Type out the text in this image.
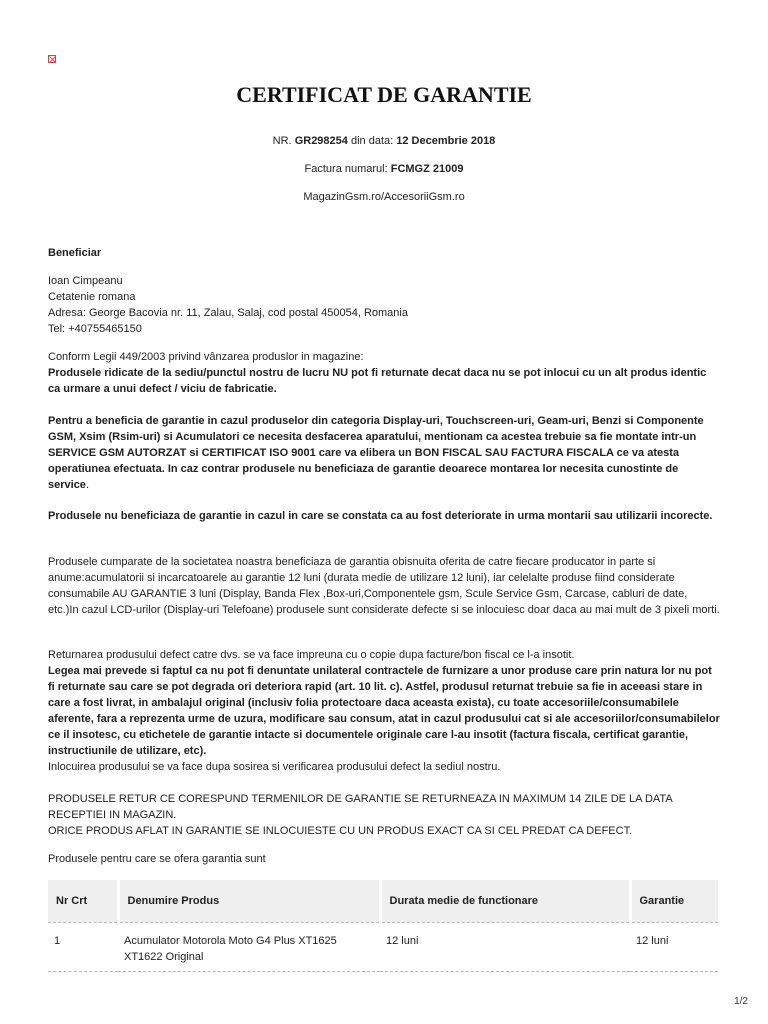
CERTIFICAT DE GARANTIE
NR. GR298254 din data: 12 Decembrie 2018
Factura numarul: FCMGZ 21009
MagazinGsm.ro/AccesoriiGsm.ro

Beneficiar

Ioan Cimpeanu

Cetatenie romana

Adresa: George Bacovia nr. 11, Zalau, Salaj, cod postal 450054, Romania

Tel: +40755465150

Conform Legii 449/2003 privind vânzarea produslor in magazine:

Produsele ridicate de la sediu/punctul nostru de lucru NU pot fi returnate decat daca nu se pot inlocui cu un alt produs identic ca urmare a unui defect / viciu de fabricatie.

Pentru a beneficia de garantie in cazul produselor din categoria Display-uri, Touchscreen-uri, Geam-uri, Benzi si Componente GSM, Xsim (Rsim-uri) si Acumulatori ce necesita desfacerea aparatului, mentionam ca acestea trebuie sa fie montate intr-un SERVICE GSM AUTORZAT si CERTIFICAT ISO 9001 care va elibera un BON FISCAL SAU FACTURA FISCALA ce va atesta operatiunea efectuata. In caz contrar produsele nu beneficiaza de garantie deoarece montarea lor necesita cunostinte de service.

Produsele nu beneficiaza de garantie in cazul in care se constata ca au fost deteriorate in urma montarii sau utilizarii incorecte.

Produsele cumparate de la societatea noastra beneficiaza de garantia obisnuita oferita de catre fiecare producator in parte si anume:acumulatorii si incarcatoarele au garantie 12 luni (durata medie de utilizare 12 luni), iar celelalte produse fiind considerate consumabile AU GARANTIE 3 luni (Display, Banda Flex ,Box-uri,Componentele gsm, Scule Service Gsm, Carcase, cabluri de date, etc.)In cazul LCD-urilor (Display-uri Telefoane) produsele sunt considerate defecte si se inlocuiesc doar daca au mai mult de 3 pixeli morti.

Returnarea produsului defect catre dvs. se va face impreuna cu o copie dupa facture/bon fiscal ce l-a insotit.

Legea mai prevede si faptul ca nu pot fi denuntate unilateral contractele de furnizare a unor produse care prin natura lor nu pot fi returnate sau care se pot degrada ori deteriora rapid (art. 10 lit. c). Astfel, produsul returnat trebuie sa fie in aceeasi stare in care a fost livrat, in ambalajul original (inclusiv folia protectoare daca aceasta exista), cu toate accesoriile/consumabilele aferente, fara a reprezenta urme de uzura, modificare sau consum, atat in cazul produsului cat si ale accesoriilor/consumabilelor ce il insotesc, cu etichetele de garantie intacte si documentele originale care l-au insotit (factura fiscala, certificat garantie, instructiunile de utilizare, etc).

Inlocuirea produsului se va face dupa sosirea si verificarea produsului defect la sediul nostru.

PRODUSELE RETUR CE CORESPUND TERMENILOR DE GARANTIE SE RETURNEAZA IN MAXIMUM 14 ZILE DE LA DATA RECEPTIEI IN MAGAZIN.

ORICE PRODUS AFLAT IN GARANTIE SE INLOCUIESTE CU UN PRODUS EXACT CA SI CEL PREDAT CA DEFECT.

Produsele pentru care se ofera garantia sunt

Nr Crt	Denumire Produs	Durata medie de functionare	Garantie
1	Acumulator Motorola Moto G4 Plus XT1625 XT1622 Original	12 luni	12 luni
1/2
